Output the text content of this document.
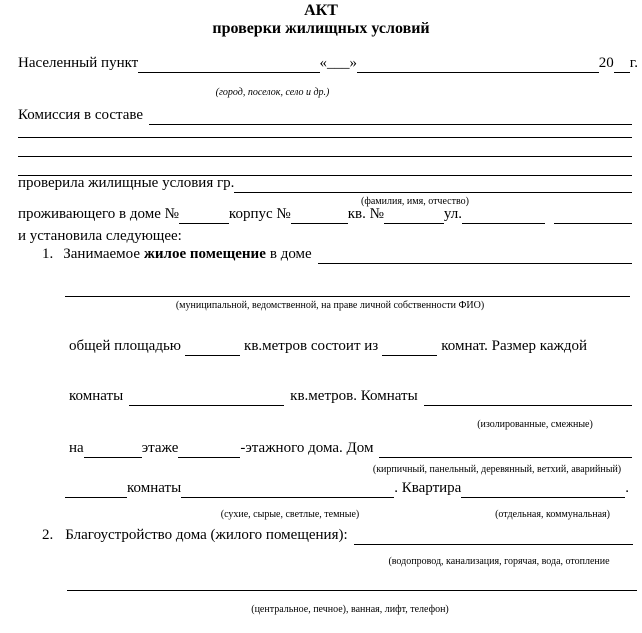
АКТ
проверки жилищных условий
Населенный пункт	«___»	20 г.
(город, поселок, село и др.)
Комиссия в составе
проверила жилищные условия гр.
(фамилия, имя, отчество)
проживающего в доме №	корпус №	кв. №	ул.
и установила следующее:
1. Занимаемое жилое помещение в доме
(муниципальной, ведомственной, на праве личной собственности ФИО)
общей площадью	кв.метров состоит из	комнат. Размер каждой
комнаты	кв.метров. Комнаты
(изолированные, смежные)
на	этаже	-этажного дома. Дом
(кирпичный, панельный, деревянный, ветхий, аварийный)
комнаты	. Квартира	.
(сухие, сырые, светлые, темные)	(отдельная, коммунальная)
2. Благоустройство дома (жилого помещения):
(водопровод, канализация, горячая, вода, отопление
(центральное, печное), ванная, лифт, телефон)
